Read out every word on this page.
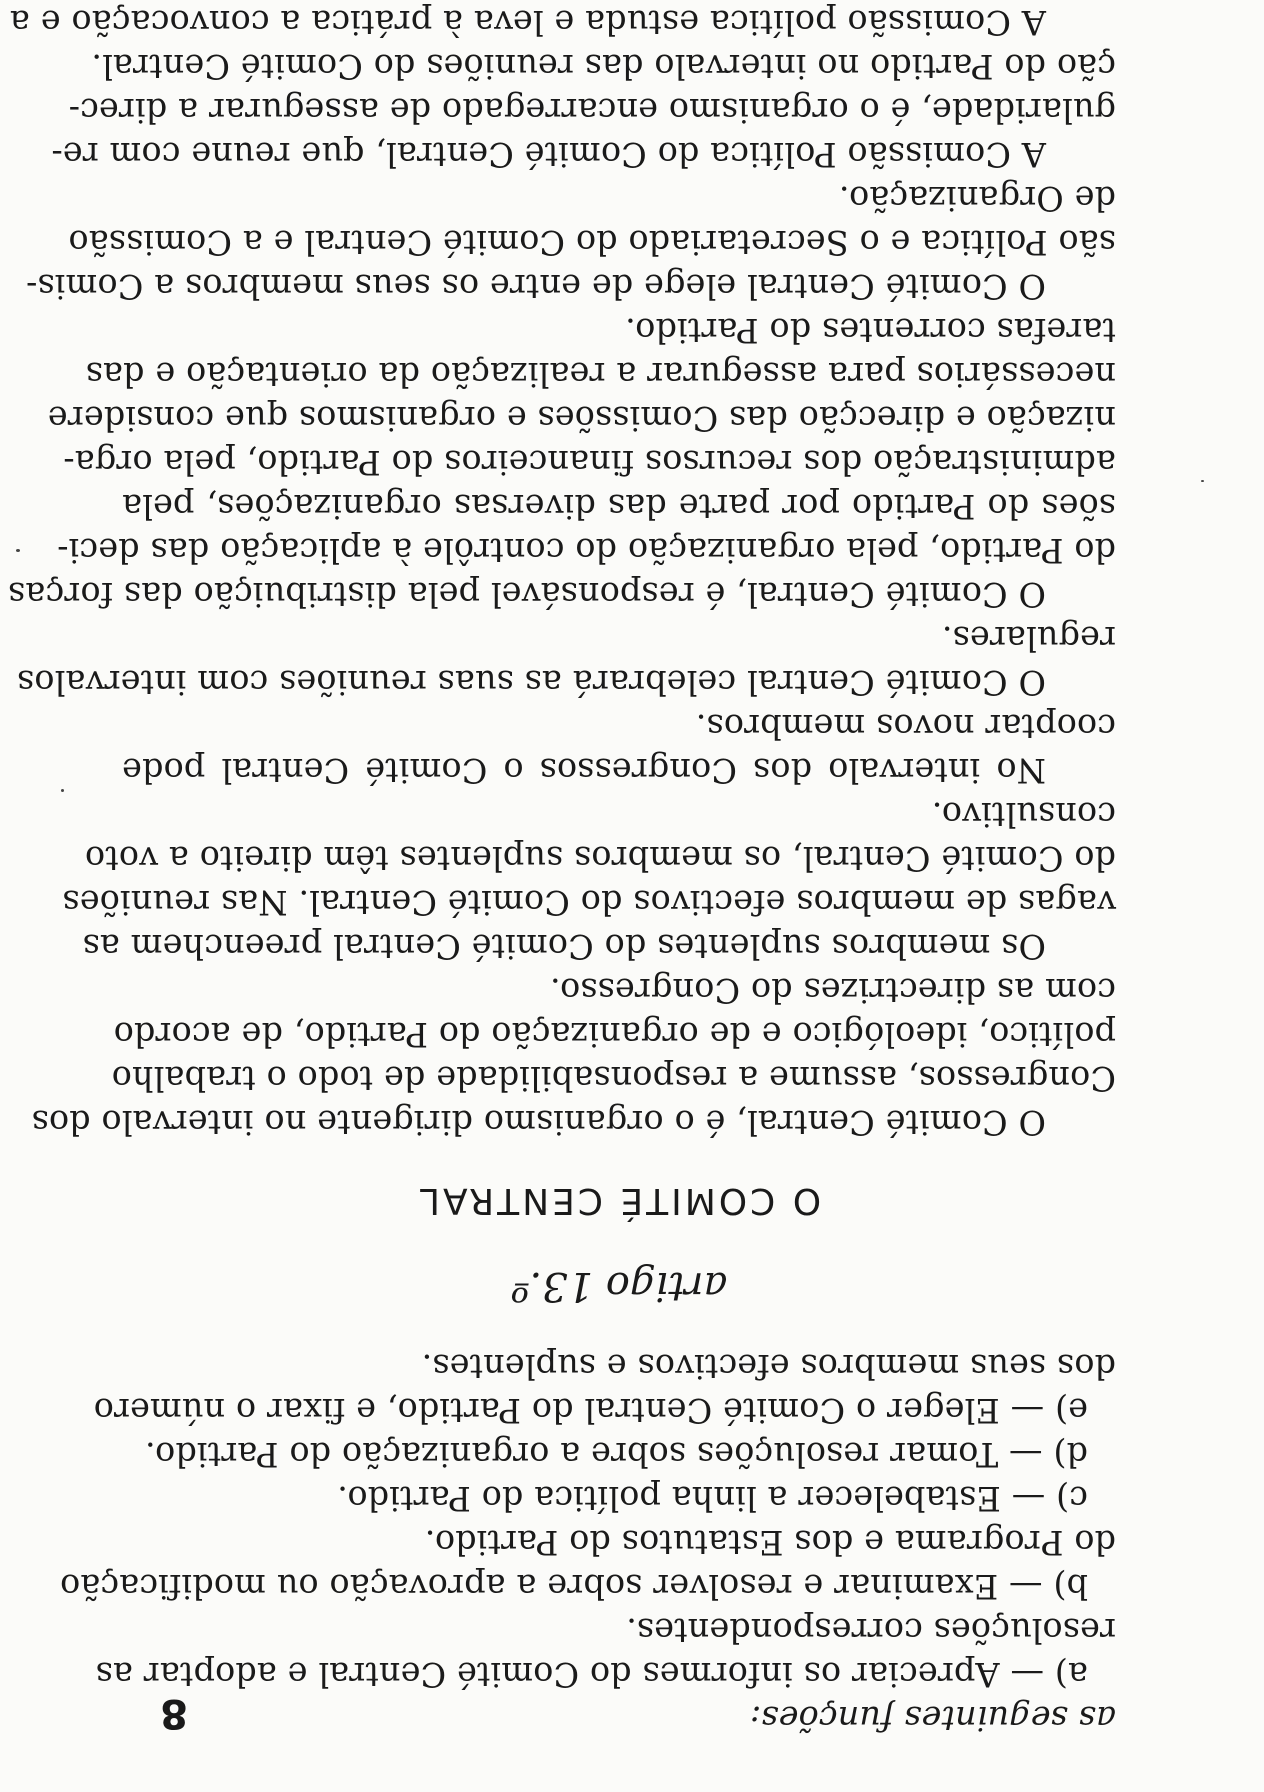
8	as seguintes funções:
a) — Apreciar os informes do Comité Central e adoptar as
resoluções correspondentes.
b) — Examinar e resolver sobre a aprovação ou modificação
do Programa e dos Estatutos do Partido.
c) — Estabelecer a linha política do Partido.
d) — Tomar resoluções sobre a organização do Partido.
e) — Eleger o Comité Central do Partido, e fixar o número
dos seus membros efectivos e suplentes.
artigo 13.º
O COMITÉ CENTRAL
O Comité Central, é o organismo dirigente no intervalo dos
Congressos, assume a responsabilidade de todo o trabalho
político, ideológico e de organização do Partido, de acordo
com as directrizes do Congresso.
Os membros suplentes do Comité Central preenchem as
vagas de membros efectivos do Comité Central. Nas reuniões
do Comité Central, os membros suplentes têm direito a voto
consultivo.
No intervalo dos Congressos o Comité Central pode
cooptar novos membros.
O Comité Central celebrará as suas reuniões com intervalos
regulares.
O Comité Central, é responsável pela distribuição das forças
do Partido, pela organização do contrôle à aplicação das deci-
sões do Partido por parte das diversas organizações, pela
administração dos recursos financeiros do Partido, pela orga-
nização e direcção das Comissões e organismos que considere
necessários para assegurar a realização da orientação e das
tarefas correntes do Partido.
O Comité Central elege de entre os seus membros a Comis-
são Política e o Secretariado do Comité Central e a Comissão
de Organização.
A Comissão Política do Comité Central, que reune com re-
gularidade, é o organismo encarregado de assegurar a direc-
ção do Partido no intervalo das reuniões do Comité Central.
A Comissão política estuda e leva à prática a convocação e a
